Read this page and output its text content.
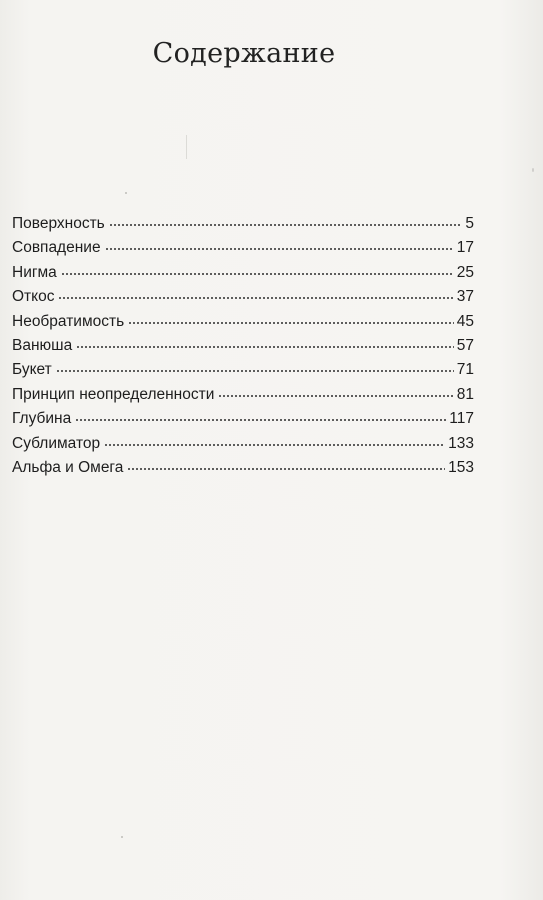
Содержание
Поверхность	5
Совпадение	17
Нигма	25
Откос	37
Необратимость	45
Ванюша	57
Букет	71
Принцип неопределенности	81
Глубина	117
Сублиматор	133
Альфа и Омега	153
